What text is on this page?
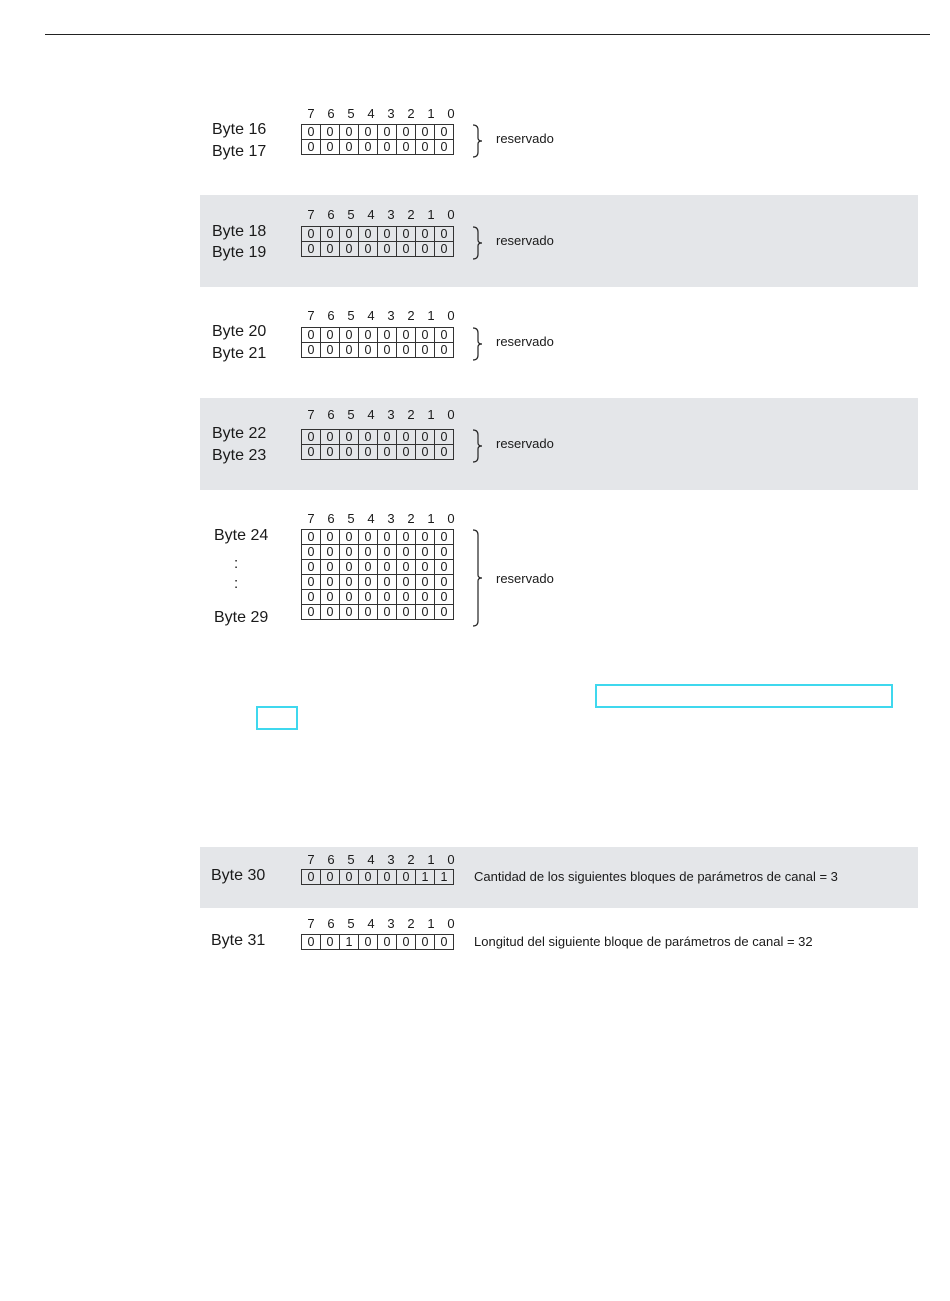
7 6 5 4 3 2 1 0
Byte 16
Byte 17
0	0	0	0	0	0	0	0
0	0	0	0	0	0	0	0
reservado
7 6 5 4 3 2 1 0
Byte 18
Byte 19
0	0	0	0	0	0	0	0
0	0	0	0	0	0	0	0
reservado
7 6 5 4 3 2 1 0
Byte 20
Byte 21
0	0	0	0	0	0	0	0
0	0	0	0	0	0	0	0
reservado
7 6 5 4 3 2 1 0
Byte 22
Byte 23
0	0	0	0	0	0	0	0
0	0	0	0	0	0	0	0
reservado
7 6 5 4 3 2 1 0
Byte 24
:
:
Byte 29
0	0	0	0	0	0	0	0
0	0	0	0	0	0	0	0
0	0	0	0	0	0	0	0
0	0	0	0	0	0	0	0
0	0	0	0	0	0	0	0
0	0	0	0	0	0	0	0
reservado
7 6 5 4 3 2 1 0
Byte 30	0	0	0	0	0	0	1	1 Cantidad de los siguientes bloques de parámetros de canal = 3
7 6 5 4 3 2 1 0
Byte 31	0	0	1	0	0	0	0	0 Longitud del siguiente bloque de parámetros de canal = 32
